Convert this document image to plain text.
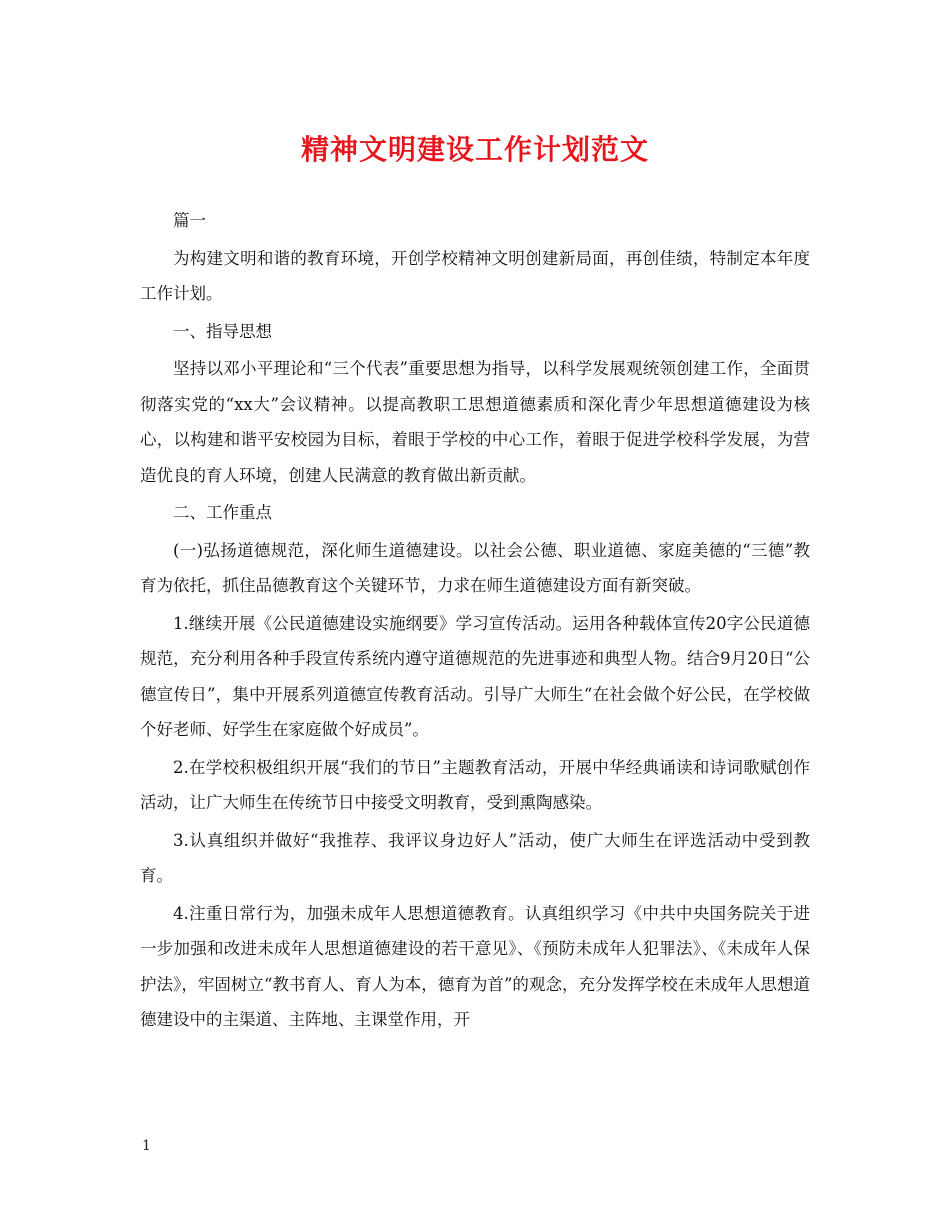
精神文明建设工作计划范文

篇一

为构建文明和谐的教育环境，开创学校精神文明创建新局面，再创佳绩，特制定本年度工作计划。

一、指导思想

坚持以邓小平理论和“三个代表”重要思想为指导，以科学发展观统领创建工作，全面贯彻落实党的“xx大”会议精神。以提高教职工思想道德素质和深化青少年思想道德建设为核心，以构建和谐平安校园为目标，着眼于学校的中心工作，着眼于促进学校科学发展，为营造优良的育人环境，创建人民满意的教育做出新贡献。

二、工作重点

(一)弘扬道德规范，深化师生道德建设。以社会公德、职业道德、家庭美德的“三德”教育为依托，抓住品德教育这个关键环节，力求在师生道德建设方面有新突破。

1.继续开展《公民道德建设实施纲要》学习宣传活动。运用各种载体宣传20字公民道德规范，充分利用各种手段宣传系统内遵守道德规范的先进事迹和典型人物。结合9月20日“公德宣传日”，集中开展系列道德宣传教育活动。引导广大师生“在社会做个好公民，在学校做个好老师、好学生在家庭做个好成员”。

2.在学校积极组织开展“我们的节日”主题教育活动，开展中华经典诵读和诗词歌赋创作活动，让广大师生在传统节日中接受文明教育，受到熏陶感染。

3.认真组织并做好“我推荐、我评议身边好人”活动，使广大师生在评选活动中受到教育。

4.注重日常行为，加强未成年人思想道德教育。认真组织学习《中共中央国务院关于进一步加强和改进未成年人思想道德建设的若干意见》、《预防未成年人犯罪法》、《未成年人保护法》，牢固树立“教书育人、育人为本，德育为首”的观念，充分发挥学校在未成年人思想道德建设中的主渠道、主阵地、主课堂作用，开

1
